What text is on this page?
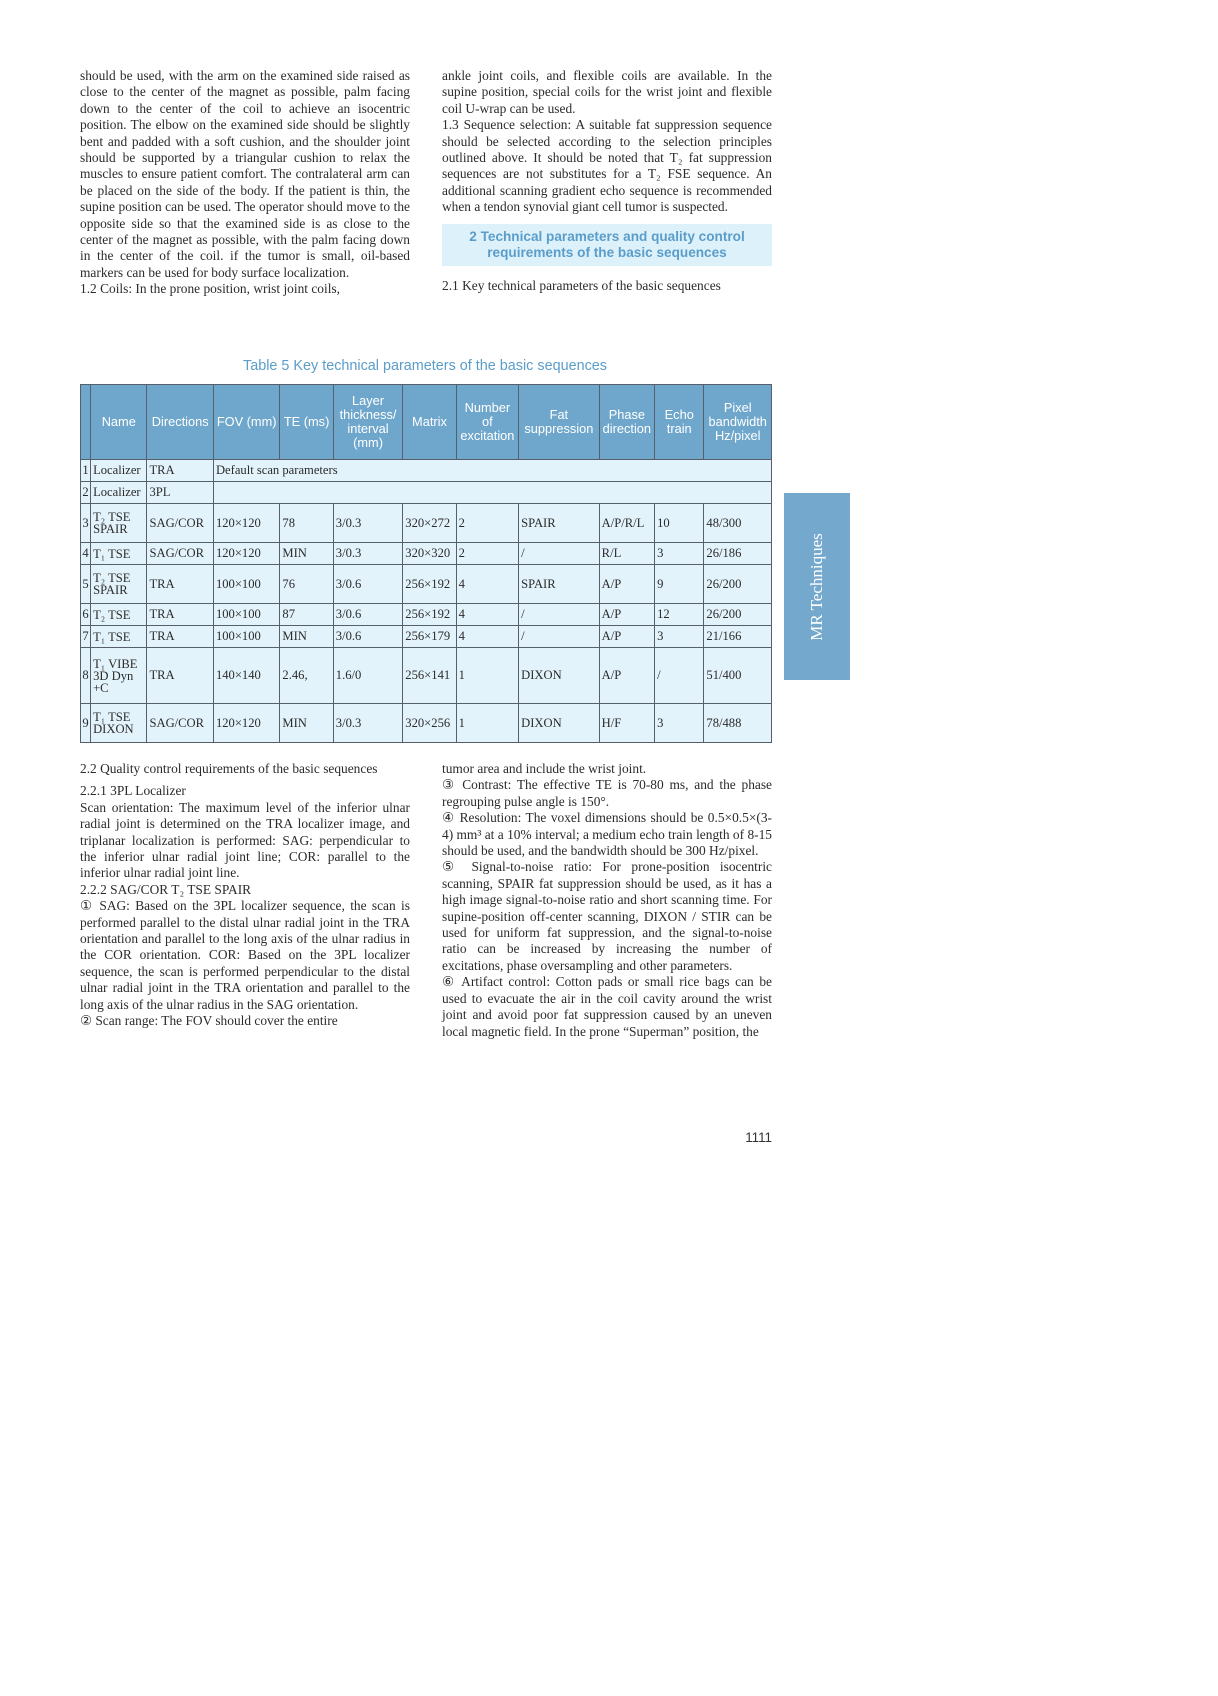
should be used, with the arm on the examined side raised as close to the center of the magnet as possible, palm facing down to the center of the coil to achieve an isocentric position. The elbow on the examined side should be slightly bent and padded with a soft cushion, and the shoulder joint should be supported by a triangular cushion to relax the muscles to ensure patient comfort. The contralateral arm can be placed on the side of the body. If the patient is thin, the supine position can be used. The operator should move to the opposite side so that the examined side is as close to the center of the magnet as possible, with the palm facing down in the center of the coil. if the tumor is small, oil-based markers can be used for body surface localization.

1.2 Coils: In the prone position, wrist joint coils,

ankle joint coils, and flexible coils are available. In the supine position, special coils for the wrist joint and flexible coil U-wrap can be used.

1.3 Sequence selection: A suitable fat suppression sequence should be selected according to the selection principles outlined above. It should be noted that T₂ fat suppression sequences are not substitutes for a T₂ FSE sequence. An additional scanning gradient echo sequence is recommended when a tendon synovial giant cell tumor is suspected.

2 Technical parameters and quality control
requirements of the basic sequences

2.1 Key technical parameters of the basic sequences

Table 5 Key technical parameters of the basic sequences
	Name	Directions	FOV (mm)	TE (ms)	Layer thickness/ interval (mm)	Matrix	Number of excitation	Fat suppression	Phase direction	Echo train	Pixel bandwidth Hz/pixel
1	Localizer	TRA	Default scan parameters								
2	Localizer	3PL									
3	T₂ TSE SPAIR	SAG/COR	120×120	78	3/0.3	320×272	2	SPAIR	A/P/R/L	10	48/300
4	T₁ TSE	SAG/COR	120×120	MIN	3/0.3	320×320	2	/	R/L	3	26/186
5	T₂ TSE SPAIR	TRA	100×100	76	3/0.6	256×192	4	SPAIR	A/P	9	26/200
6	T₂ TSE	TRA	100×100	87	3/0.6	256×192	4	/	A/P	12	26/200
7	T₁ TSE	TRA	100×100	MIN	3/0.6	256×179	4	/	A/P	3	21/166
8	T₁ VIBE 3D Dyn +C	TRA	140×140	2.46,	1.6/0	256×141	1	DIXON	A/P	/	51/400
9	T₁ TSE DIXON	SAG/COR	120×120	MIN	3/0.3	320×256	1	DIXON	H/F	3	78/488

2.2 Quality control requirements of the basic sequences

2.2.1 3PL Localizer

Scan orientation: The maximum level of the inferior ulnar radial joint is determined on the TRA localizer image, and triplanar localization is performed: SAG: perpendicular to the inferior ulnar radial joint line; COR: parallel to the inferior ulnar radial joint line.

2.2.2 SAG/COR T₂ TSE SPAIR

① SAG: Based on the 3PL localizer sequence, the scan is performed parallel to the distal ulnar radial joint in the TRA orientation and parallel to the long axis of the ulnar radius in the COR orientation. COR: Based on the 3PL localizer sequence, the scan is performed perpendicular to the distal ulnar radial joint in the TRA orientation and parallel to the long axis of the ulnar radius in the SAG orientation.

② Scan range: The FOV should cover the entire

tumor area and include the wrist joint.

③ Contrast: The effective TE is 70-80 ms, and the phase regrouping pulse angle is 150°.

④ Resolution: The voxel dimensions should be 0.5×0.5×(3-4) mm³ at a 10% interval; a medium echo train length of 8-15 should be used, and the bandwidth should be 300 Hz/pixel.

⑤ Signal-to-noise ratio: For prone-position isocentric scanning, SPAIR fat suppression should be used, as it has a high image signal-to-noise ratio and short scanning time. For supine-position off-center scanning, DIXON / STIR can be used for uniform fat suppression, and the signal-to-noise ratio can be increased by increasing the number of excitations, phase oversampling and other parameters.

⑥ Artifact control: Cotton pads or small rice bags can be used to evacuate the air in the coil cavity around the wrist joint and avoid poor fat suppression caused by an uneven local magnetic field. In the prone “Superman” position, the

MR Techniques
1111
